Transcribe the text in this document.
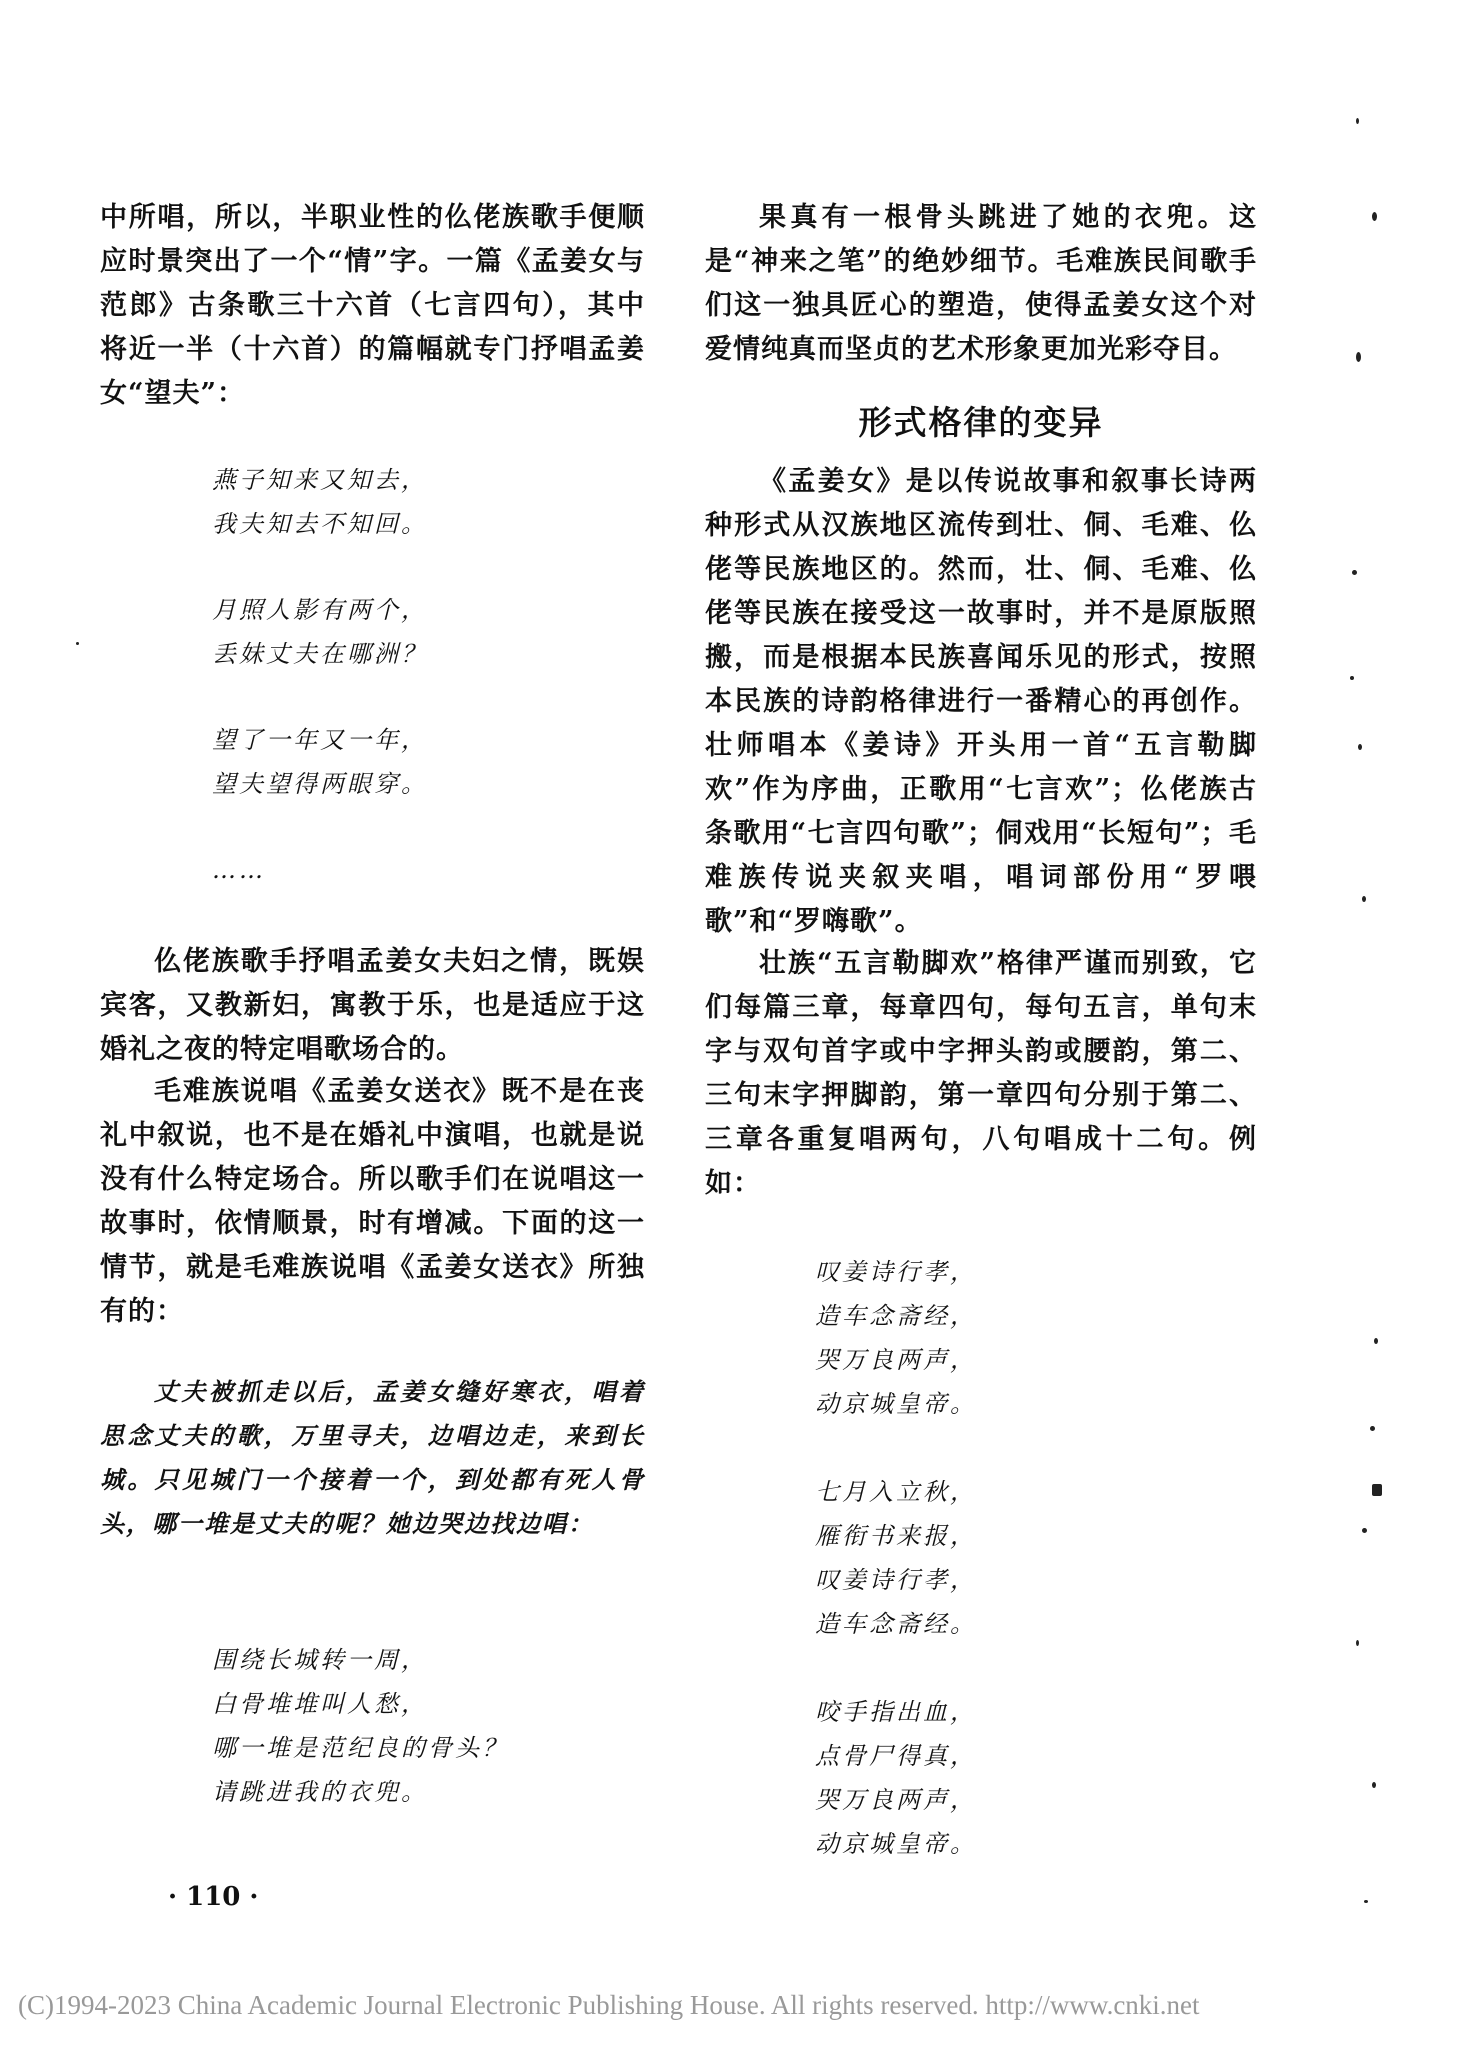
中所唱，所以，半职业性的仫佬族歌手便顺应时景突出了一个“情”字。一篇《孟姜女与范郎》古条歌三十六首（七言四句），其中将近一半（十六首）的篇幅就专门抒唱孟姜女“望夫”：

燕子知来又知去，
我夫知去不知回。
月照人影有两个，
丢妹丈夫在哪洲？
望了一年又一年，
望夫望得两眼穿。
……

仫佬族歌手抒唱孟姜女夫妇之情，既娱宾客，又教新妇，寓教于乐，也是适应于这婚礼之夜的特定唱歌场合的。

毛难族说唱《孟姜女送衣》既不是在丧礼中叙说，也不是在婚礼中演唱，也就是说没有什么特定场合。所以歌手们在说唱这一故事时，依情顺景，时有增减。下面的这一情节，就是毛难族说唱《孟姜女送衣》所独有的：

丈夫被抓走以后，孟姜女缝好寒衣，唱着思念丈夫的歌，万里寻夫，边唱边走，来到长城。只见城门一个接着一个，到处都有死人骨头，哪一堆是丈夫的呢？她边哭边找边唱：

围绕长城转一周，
白骨堆堆叫人愁，
哪一堆是范纪良的骨头？
请跳进我的衣兜。

果真有一根骨头跳进了她的衣兜。这是“神来之笔”的绝妙细节。毛难族民间歌手们这一独具匠心的塑造，使得孟姜女这个对爱情纯真而坚贞的艺术形象更加光彩夺目。

形式格律的变异

《孟姜女》是以传说故事和叙事长诗两种形式从汉族地区流传到壮、侗、毛难、仫佬等民族地区的。然而，壮、侗、毛难、仫佬等民族在接受这一故事时，并不是原版照搬，而是根据本民族喜闻乐见的形式，按照本民族的诗韵格律进行一番精心的再创作。壮师唱本《姜诗》开头用一首“五言勒脚欢”作为序曲，正歌用“七言欢”；仫佬族古条歌用“七言四句歌”；侗戏用“长短句”；毛难族传说夹叙夹唱，唱词部份用“罗喂歌”和“罗嗨歌”。

壮族“五言勒脚欢”格律严谨而别致，它们每篇三章，每章四句，每句五言，单句末字与双句首字或中字押头韵或腰韵，第二、三句末字押脚韵，第一章四句分别于第二、三章各重复唱两句，八句唱成十二句。例如：

叹姜诗行孝，
造车念斋经，
哭万良两声，
动京城皇帝。
七月入立秋，
雁衔书来报，
叹姜诗行孝，
造车念斋经。
咬手指出血，
点骨尸得真，
哭万良两声，
动京城皇帝。
· 110 ·
(C)1994-2023 China Academic Journal Electronic Publishing House. All rights reserved. http://www.cnki.net
